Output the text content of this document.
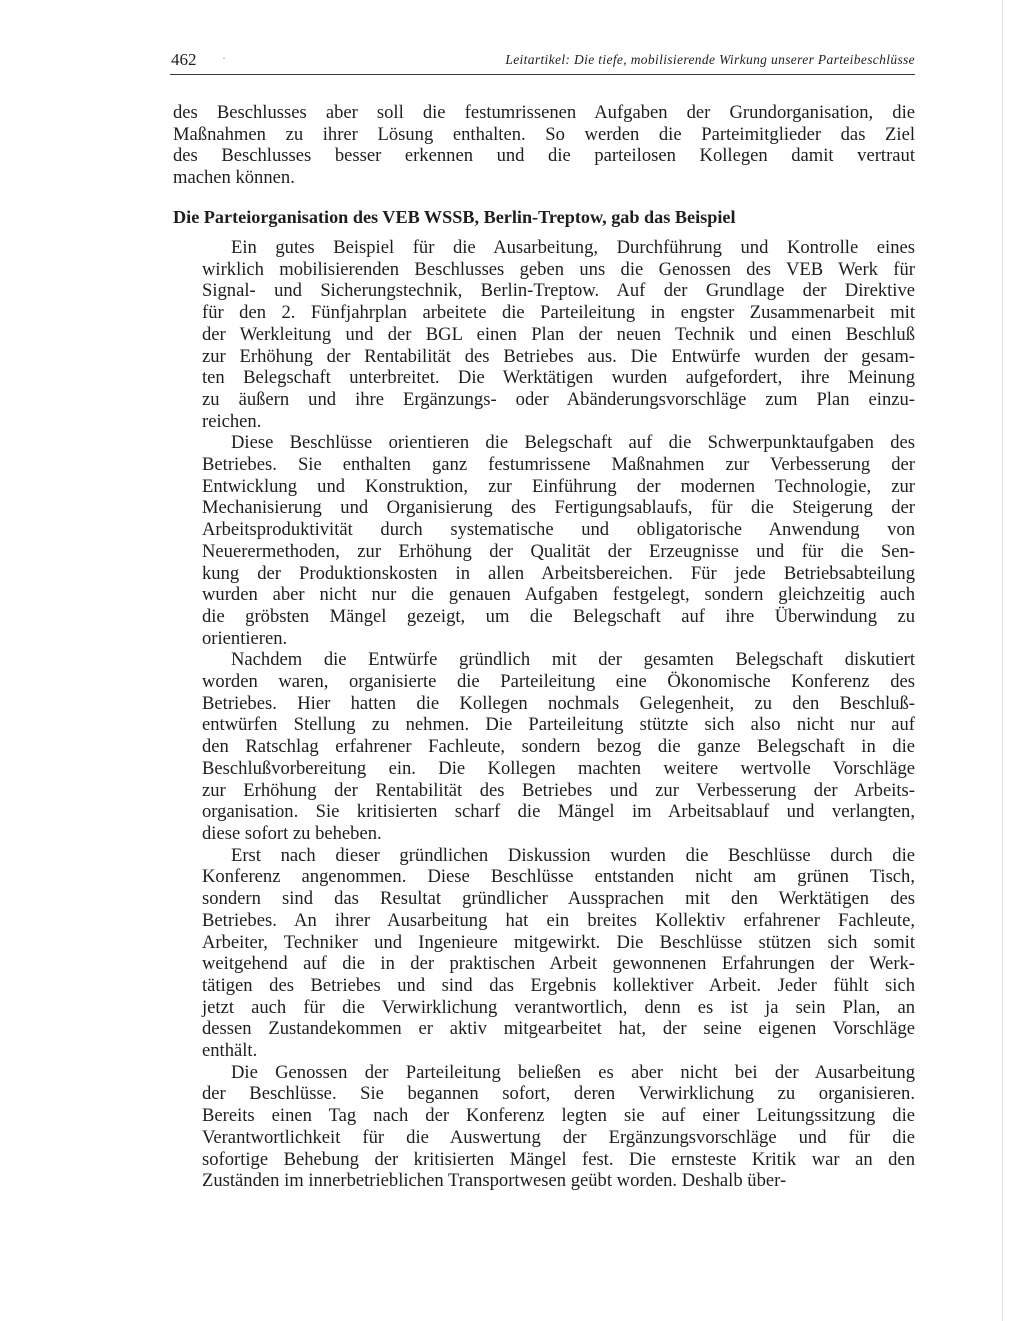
462 ·	Leitartikel: Die tiefe, mobilisierende Wirkung unserer Parteibeschlüsse

des Beschlusses aber soll die festumrissenen Aufgaben der Grundorganisation, die
Maßnahmen zu ihrer Lösung enthalten. So werden die Parteimitglieder das Ziel
des Beschlusses besser erkennen und die parteilosen Kollegen damit vertraut
machen können.

Die Parteiorganisation des VEB WSSB, Berlin-Treptow, gab das Beispiel

Ein gutes Beispiel für die Ausarbeitung, Durchführung und Kontrolle eines
wirklich mobilisierenden Beschlusses geben uns die Genossen des VEB Werk für
Signal- und Sicherungstechnik, Berlin-Treptow. Auf der Grundlage der Direktive
für den 2. Fünfjahrplan arbeitete die Parteileitung in engster Zusammenarbeit mit
der Werkleitung und der BGL einen Plan der neuen Technik und einen Beschluß
zur Erhöhung der Rentabilität des Betriebes aus. Die Entwürfe wurden der gesam-
ten Belegschaft unterbreitet. Die Werktätigen wurden aufgefordert, ihre Meinung
zu äußern und ihre Ergänzungs- oder Abänderungsvorschläge zum Plan einzu-
reichen.

Diese Beschlüsse orientieren die Belegschaft auf die Schwerpunktaufgaben des
Betriebes. Sie enthalten ganz festumrissene Maßnahmen zur Verbesserung der
Entwicklung und Konstruktion, zur Einführung der modernen Technologie, zur
Mechanisierung und Organisierung des Fertigungsablaufs, für die Steigerung der
Arbeitsproduktivität durch systematische und obligatorische Anwendung von
Neuerermethoden, zur Erhöhung der Qualität der Erzeugnisse und für die Sen-
kung der Produktionskosten in allen Arbeitsbereichen. Für jede Betriebsabteilung
wurden aber nicht nur die genauen Aufgaben festgelegt, sondern gleichzeitig auch
die gröbsten Mängel gezeigt, um die Belegschaft auf ihre Überwindung zu
orientieren.

Nachdem die Entwürfe gründlich mit der gesamten Belegschaft diskutiert
worden waren, organisierte die Parteileitung eine Ökonomische Konferenz des
Betriebes. Hier hatten die Kollegen nochmals Gelegenheit, zu den Beschluß-
entwürfen Stellung zu nehmen. Die Parteileitung stützte sich also nicht nur auf
den Ratschlag erfahrener Fachleute, sondern bezog die ganze Belegschaft in die
Beschlußvorbereitung ein. Die Kollegen machten weitere wertvolle Vorschläge
zur Erhöhung der Rentabilität des Betriebes und zur Verbesserung der Arbeits-
organisation. Sie kritisierten scharf die Mängel im Arbeitsablauf und verlangten,
diese sofort zu beheben.

Erst nach dieser gründlichen Diskussion wurden die Beschlüsse durch die
Konferenz angenommen. Diese Beschlüsse entstanden nicht am grünen Tisch,
sondern sind das Resultat gründlicher Aussprachen mit den Werktätigen des
Betriebes. An ihrer Ausarbeitung hat ein breites Kollektiv erfahrener Fachleute,
Arbeiter, Techniker und Ingenieure mitgewirkt. Die Beschlüsse stützen sich somit
weitgehend auf die in der praktischen Arbeit gewonnenen Erfahrungen der Werk-
tätigen des Betriebes und sind das Ergebnis kollektiver Arbeit. Jeder fühlt sich
jetzt auch für die Verwirklichung verantwortlich, denn es ist ja sein Plan, an
dessen Zustandekommen er aktiv mitgearbeitet hat, der seine eigenen Vorschläge
enthält.

Die Genossen der Parteileitung beließen es aber nicht bei der Ausarbeitung
der Beschlüsse. Sie begannen sofort, deren Verwirklichung zu organisieren.
Bereits einen Tag nach der Konferenz legten sie auf einer Leitungssitzung die
Verantwortlichkeit für die Auswertung der Ergänzungsvorschläge und für die
sofortige Behebung der kritisierten Mängel fest. Die ernsteste Kritik war an den
Zuständen im innerbetrieblichen Transportwesen geübt worden. Deshalb über-
